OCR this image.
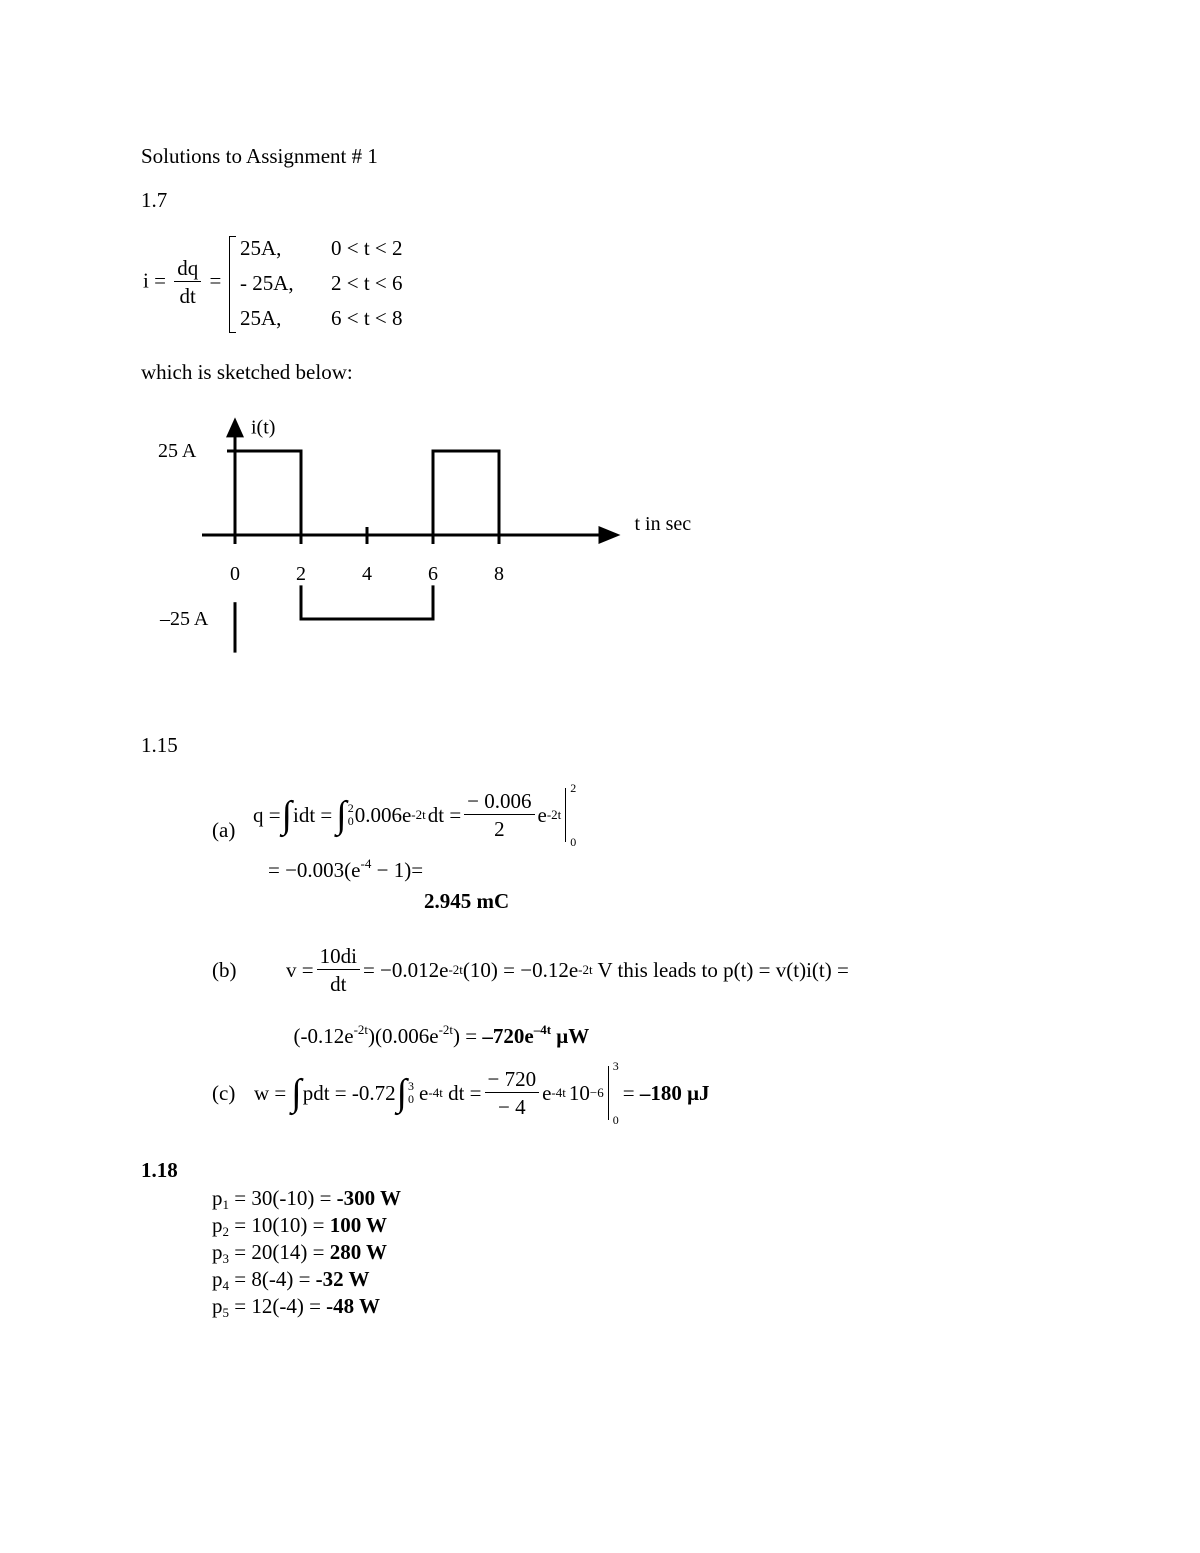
Solutions to Assignment # 1
1.7
$i = \frac{dq}{dt}$ =
25A, 0 < t < 2
- 25A, 2 < t < 6
25A, 6 < t < 8
which is sketched below:
0	2	4	6	8
i(t)
t in sec
25 A
–25 A
1.15
(a)
q = ∫ idt = ∫ 2
0 0.006e -2t dt = $\frac{- 0.006}{2}$ e -2t
2
0
= $-0.003(e^{-4} - 1)=$
2.945 mC
(b) $v = \frac{10di}{dt} = -0.012e$ -2t (10) = −0.12e -2t V this leads to p(t) = v(t)i(t) =

$(-0.12e^{-2t})(0.006e^{-2t}) = -720e^{-4t}$ μW

(c) w = ∫ pdt = -0.72 ∫ 3
0 e -4t dt = $\frac{- 720}{- 4}$ e -4t 10 −6

3

0

= –180 μJ
1.18
$p_1 = 30(-10) = -300$ W
$p_2 = 10(10) = 100$ W
$p_3 = 20(14) = 280$ W
$p_4 = 8(-4) = -32$ W
$p_5 = 12(-4) = -48$ W
